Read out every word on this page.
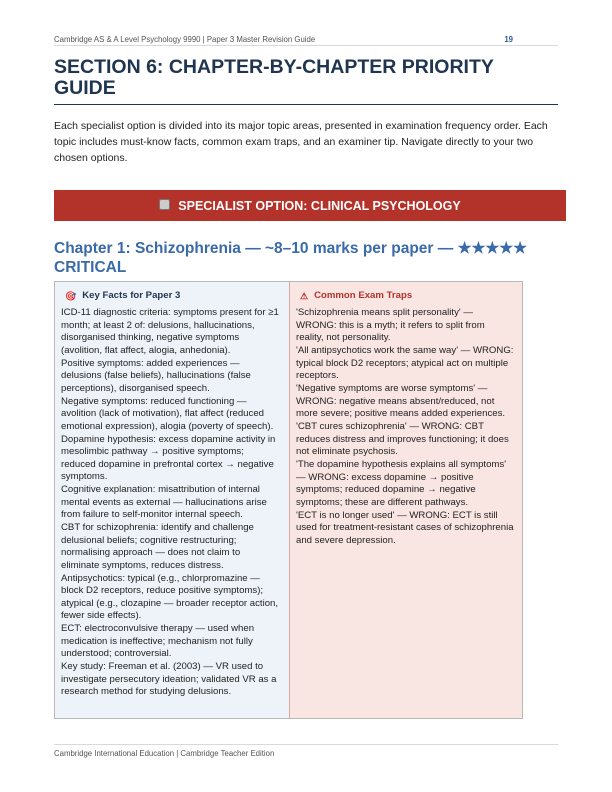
Cambridge AS & A Level Psychology 9990 | Paper 3 Master Revision Guide	19
SECTION 6: CHAPTER-BY-CHAPTER PRIORITY GUIDE

Each specialist option is divided into its major topic areas, presented in examination frequency order. Each topic includes must-know facts, common exam traps, and an examiner tip. Navigate directly to your two chosen options.

SPECIALIST OPTION: CLINICAL PSYCHOLOGY
Chapter 1: Schizophrenia — ~8–10 marks per paper — ★★★★★ CRITICAL
🎯 Key Facts for Paper 3

ICD-11 diagnostic criteria: symptoms present for ≥1 month; at least 2 of: delusions, hallucinations, disorganised thinking, negative symptoms (avolition, flat affect, alogia, anhedonia).

Positive symptoms: added experiences — delusions (false beliefs), hallucinations (false perceptions), disorganised speech.

Negative symptoms: reduced functioning — avolition (lack of motivation), flat affect (reduced emotional expression), alogia (poverty of speech).

Dopamine hypothesis: excess dopamine activity in mesolimbic pathway → positive symptoms; reduced dopamine in prefrontal cortex → negative symptoms.

Cognitive explanation: misattribution of internal mental events as external — hallucinations arise from failure to self-monitor internal speech.

CBT for schizophrenia: identify and challenge delusional beliefs; cognitive restructuring; normalising approach — does not claim to eliminate symptoms, reduces distress.

Antipsychotics: typical (e.g., chlorpromazine — block D2 receptors, reduce positive symptoms); atypical (e.g., clozapine — broader receptor action, fewer side effects).

ECT: electroconvulsive therapy — used when medication is ineffective; mechanism not fully understood; controversial.

Key study: Freeman et al. (2003) — VR used to investigate persecutory ideation; validated VR as a research method for studying delusions.

⚠ Common Exam Traps

'Schizophrenia means split personality' — WRONG: this is a myth; it refers to split from reality, not personality.

'All antipsychotics work the same way' — WRONG: typical block D2 receptors; atypical act on multiple receptors.

'Negative symptoms are worse symptoms' — WRONG: negative means absent/reduced, not more severe; positive means added experiences.

'CBT cures schizophrenia' — WRONG: CBT reduces distress and improves functioning; it does not eliminate psychosis.

'The dopamine hypothesis explains all symptoms' — WRONG: excess dopamine → positive symptoms; reduced dopamine → negative symptoms; these are different pathways.

'ECT is no longer used' — WRONG: ECT is still used for treatment-resistant cases of schizophrenia and severe depression.

Cambridge International Education | Cambridge Teacher Edition
